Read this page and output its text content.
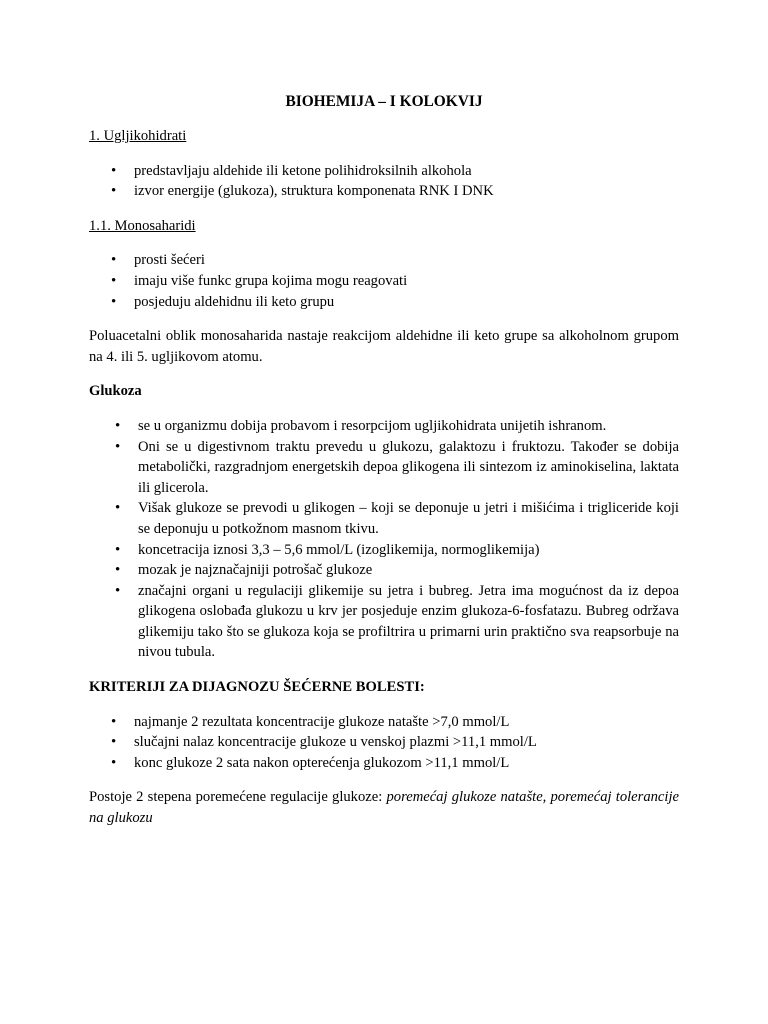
BIOHEMIJA – I KOLOKVIJ
1. Ugljikohidrati
• predstavljaju aldehide ili ketone polihidroksilnih alkohola
• izvor energije (glukoza), struktura komponenata RNK I DNK
1.1. Monosaharidi
• prosti šećeri
• imaju više funkc grupa kojima mogu reagovati
• posjeduju aldehidnu ili keto grupu

Poluacetalni oblik monosaharida nastaje reakcijom aldehidne ili keto grupe sa alkoholnom grupom na 4. ili 5. ugljikovom atomu.

Glukoza
• se u organizmu dobija probavom i resorpcijom ugljikohidrata unijetih ishranom.
• Oni se u digestivnom traktu prevedu u glukozu, galaktozu i fruktozu. Također se dobija metabolički, razgradnjom energetskih depoa glikogena ili sintezom iz aminokiselina, laktata ili glicerola.
• Višak glukoze se prevodi u glikogen – koji se deponuje u jetri i mišićima i trigliceride koji se deponuju u potkožnom masnom tkivu.
• koncetracija iznosi 3,3 – 5,6 mmol/L (izoglikemija, normoglikemija)
• mozak je najznačajniji potrošač glukoze
• značajni organi u regulaciji glikemije su jetra i bubreg. Jetra ima mogućnost da iz depoa glikogena oslobađa glukozu u krv jer posjeduje enzim glukoza-6-fosfatazu. Bubreg održava glikemiju tako što se glukoza koja se profiltrira u primarni urin praktično sva reapsorbuje na nivou tubula.
KRITERIJI ZA DIJAGNOZU ŠEĆERNE BOLESTI:
• najmanje 2 rezultata koncentracije glukoze natašte >7,0 mmol/L
• slučajni nalaz koncentracije glukoze u venskoj plazmi >11,1 mmol/L
• konc glukoze 2 sata nakon opterećenja glukozom >11,1 mmol/L

Postoje 2 stepena poremećene regulacije glukoze: poremećaj glukoze natašte, poremećaj tolerancije na glukozu
